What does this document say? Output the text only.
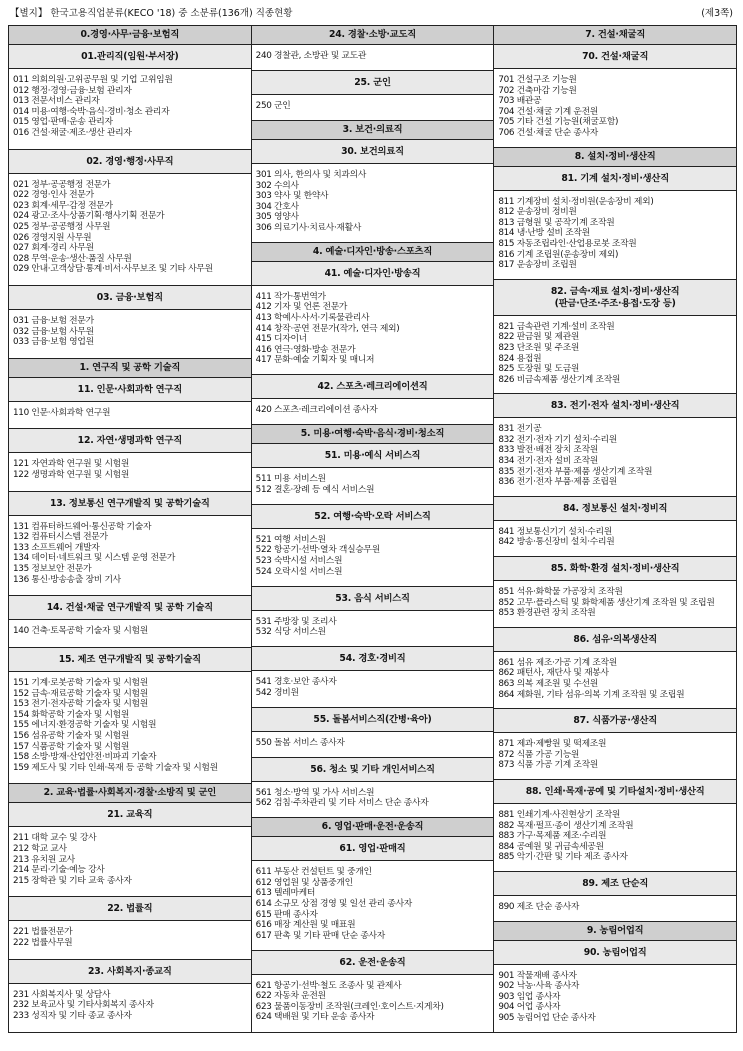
【별지】 한국고용직업분류(KECO '18) 중 소분류(136개) 직종현황	(제3쪽)
0.경영·사무·금융·보험직
01.관리직(임원·부서장)
011 의회의원·고위공무원 및 기업 고위임원
012 행정·경영·금융·보험 관리자
013 전문서비스 관리자
014 미용·여행·숙박·음식·경비·청소 관리자
015 영업·판매·운송 관리자
016 건설·채굴·제조·생산 관리자
02. 경영·행정·사무직
021 정부·공공행정 전문가
022 경영·인사 전문가
023 회계·세무·감정 전문가
024 광고·조사·상품기획·행사기획 전문가
025 정부·공공행정 사무원
026 경영지원 사무원
027 회계·경리 사무원
028 무역·운송·생산·품질 사무원
029 안내·고객상담·통계·비서·사무보조 및 기타 사무원
03. 금융·보험직
031 금융·보험 전문가
032 금융·보험 사무원
033 금융·보험 영업원
1. 연구직 및 공학 기술직
11. 인문·사회과학 연구직
110 인문·사회과학 연구원
12. 자연·생명과학 연구직
121 자연과학 연구원 및 시험원
122 생명과학 연구원 및 시험원
13. 정보통신 연구개발직 및 공학기술직
131 컴퓨터하드웨어·통신공학 기술자
132 컴퓨터시스템 전문가
133 소프트웨어 개발자
134 데이터·네트워크 및 시스템 운영 전문가
135 정보보안 전문가
136 통신·방송송출 장비 기사
14. 건설·채굴 연구개발직 및 공학 기술직
140 건축·토목공학 기술자 및 시험원
15. 제조 연구개발직 및 공학기술직
151 기계·로봇공학 기술자 및 시험원
152 금속·재료공학 기술자 및 시험원
153 전기·전자공학 기술자 및 시험원
154 화학공학 기술자 및 시험원
155 에너지·환경공학 기술자 및 시험원
156 섬유공학 기술자 및 시험원
157 식품공학 기술자 및 시험원
158 소방·방재·산업안전·비파괴 기술자
159 제도사 및 기타 인쇄·목재 등 공학 기술자 및 시험원
2. 교육·법률·사회복지·경찰·소방직 및 군인
21. 교육직
211 대학 교수 및 강사
212 학교 교사
213 유치원 교사
214 문리·기술·예능 강사
215 장학관 및 기타 교육 종사자
22. 법률직
221 법률전문가
222 법률사무원
23. 사회복지·종교직
231 사회복지사 및 상담사
232 보육교사 및 기타사회복지 종사자
233 성직자 및 기타 종교 종사자
24. 경찰·소방·교도직
240 경찰관, 소방관 및 교도관
25. 군인
250 군인
3. 보건·의료직
30. 보건의료직
301 의사, 한의사 및 치과의사
302 수의사
303 약사 및 한약사
304 간호사
305 영양사
306 의료기사·치료사·재활사
4. 예술·디자인·방송·스포츠직
41. 예술·디자인·방송직
411 작가·통번역가
412 기자 및 언론 전문가
413 학예사·사서·기록물관리사
414 창작·공연 전문가(작가, 연극 제외)
415 디자이너
416 연극·영화·방송 전문가
417 문화·예술 기획자 및 매니저
42. 스포츠·레크리에이션직
420 스포츠·레크리에이션 종사자
5. 미용·여행·숙박·음식·경비·청소직
51. 미용·예식 서비스직
511 미용 서비스원
512 결혼·장례 등 예식 서비스원
52. 여행·숙박·오락 서비스직
521 여행 서비스원
522 항공기·선박·열차 객실승무원
523 숙박시설 서비스원
524 오락시설 서비스원
53. 음식 서비스직
531 주방장 및 조리사
532 식당 서비스원
54. 경호·경비직
541 경호·보안 종사자
542 경비원
55. 돌봄서비스직(간병·육아)
550 돌봄 서비스 종사자
56. 청소 및 기타 개인서비스직
561 청소·방역 및 가사 서비스원
562 검침·주차관리 및 기타 서비스 단순 종사자
6. 영업·판매·운전·운송직
61. 영업·판매직
611 부동산 컨설턴트 및 중개인
612 영업원 및 상품중개인
613 텔레마케터
614 소규모 상점 경영 및 일선 관리 종사자
615 판매 종사자
616 매장 계산원 및 매표원
617 판촉 및 기타 판매 단순 종사자
62. 운전·운송직
621 항공기·선박·철도 조종사 및 관제사
622 자동차 운전원
623 물품이동장비 조작원(크레인·호이스트·지게차)
624 택배원 및 기타 운송 종사자
7. 건설·채굴직
70. 건설·채굴직
701 건설구조 기능원
702 건축마감 기능원
703 배관공
704 건설·채굴 기계 운전원
705 기타 건설 기능원(채굴포함)
706 건설·채굴 단순 종사자
8. 설치·정비·생산직
81. 기계 설치·정비·생산직
811 기계장비 설치·정비원(운송장비 제외)
812 운송장비 정비원
813 금형원 및 공작기계 조작원
814 냉·난방 설비 조작원
815 자동조립라인·산업용로봇 조작원
816 기계 조립원(운송장비 제외)
817 운송장비 조립원
82. 금속·재료 설치·정비·생산직
(판금·단조·주조·용접·도장 등)
821 금속관련 기계·설비 조작원
822 판금원 및 제관원
823 단조원 및 주조원
824 용접원
825 도장원 및 도금원
826 비금속제품 생산기계 조작원
83. 전기·전자 설치·정비·생산직
831 전기공
832 전기·전자 기기 설치·수리원
833 발전·배전 장치 조작원
834 전기·전자 설비 조작원
835 전기·전자 부품·제품 생산기계 조작원
836 전기·전자 부품·제품 조립원
84. 정보통신 설치·정비직
841 정보통신기기 설치·수리원
842 방송·통신장비 설치·수리원
85. 화학·환경 설치·정비·생산직
851 석유·화학물 가공장치 조작원
852 고무·플라스틱 및 화학제품 생산기계 조작원 및 조립원
853 환경관련 장치 조작원
86. 섬유·의복생산직
861 섬유 제조·가공 기계 조작원
862 패턴사, 재단사 및 재봉사
863 의복 제조원 및 수선원
864 제화원, 기타 섬유·의복 기계 조작원 및 조립원
87. 식품가공·생산직
871 제과·제빵원 및 떡제조원
872 식품 가공 기능원
873 식품 가공 기계 조작원
88. 인쇄·목재·공예 및 기타설치·정비·생산직
881 인쇄기계·사진현상기 조작원
882 목재·펄프·종이 생산기계 조작원
883 가구·목제품 제조·수리원
884 공예원 및 귀금속세공원
885 악기·간판 및 기타 제조 종사자
89. 제조 단순직
890 제조 단순 종사자
9. 농림어업직
90. 농림어업직
901 작물재배 종사자
902 낙농·사육 종사자
903 임업 종사자
904 어업 종사자
905 농림어업 단순 종사자
